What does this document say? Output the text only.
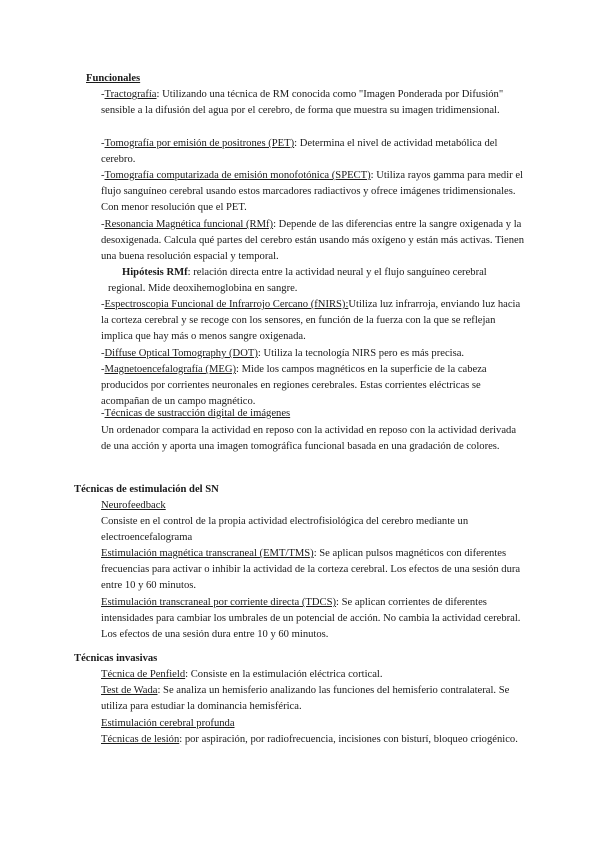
Funcionales

-Tractografía: Utilizando una técnica de RM conocida como "Imagen Ponderada por Difusión" sensible a la difusión del agua por el cerebro, de forma que muestra su imagen tridimensional.

-Tomografía por emisión de positrones (PET): Determina el nivel de actividad metabólica del cerebro.

-Tomografía computarizada de emisión monofotónica (SPECT): Utiliza rayos gamma para medir el flujo sanguíneo cerebral usando estos marcadores radiactivos y ofrece imágenes tridimensionales. Con menor resolución que el PET.

-Resonancia Magnética funcional (RMf): Depende de las diferencias entre la sangre oxigenada y la desoxigenada. Calcula qué partes del cerebro están usando más oxígeno y están más activas. Tienen una buena resolución espacial y temporal.

Hipótesis RMf: relación directa entre la actividad neural y el flujo sanguíneo cerebral regional. Mide deoxihemoglobina en sangre.

-Espectroscopia Funcional de Infrarrojo Cercano (fNIRS):Utiliza luz infrarroja, enviando luz hacia la corteza cerebral y se recoge con los sensores, en función de la fuerza con la que se reflejan implica que hay más o menos sangre oxigenada.

-Diffuse Optical Tomography (DOT): Utiliza la tecnología NIRS pero es más precisa.

-Magnetoencefalografía (MEG): Mide los campos magnéticos en la superficie de la cabeza producidos por corrientes neuronales en regiones cerebrales. Estas corrientes eléctricas se acompañan de un campo magnético.

-Técnicas de sustracción digital de imágenes

Un ordenador compara la actividad en reposo con la actividad en reposo con la actividad derivada de una acción y aporta una imagen tomográfica funcional basada en una gradación de colores.

Técnicas de estimulación del SN

Neurofeedback

Consiste en el control de la propia actividad electrofisiológica del cerebro mediante un electroencefalograma

Estimulación magnética transcraneal (EMT/TMS): Se aplican pulsos magnéticos con diferentes frecuencias para activar o inhibir la actividad de la corteza cerebral. Los efectos de una sesión dura entre 10 y 60 minutos.

Estimulación transcraneal por corriente directa (TDCS): Se aplican corrientes de diferentes intensidades para cambiar los umbrales de un potencial de acción. No cambia la actividad cerebral. Los efectos de una sesión dura entre 10 y 60 minutos.

Técnicas invasivas

Técnica de Penfield: Consiste en la estimulación eléctrica cortical.

Test de Wada: Se analiza un hemisferio analizando las funciones del hemisferio contralateral. Se utiliza para estudiar la dominancia hemisférica.

Estimulación cerebral profunda

Técnicas de lesión: por aspiración, por radiofrecuencia, incisiones con bisturí, bloqueo criogénico.
